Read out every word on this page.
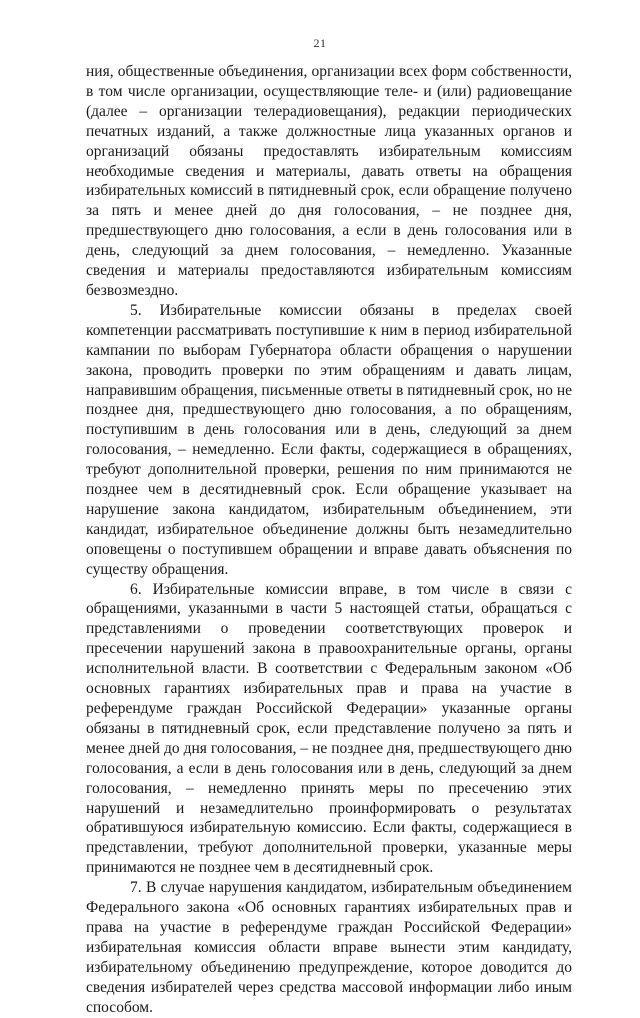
21

ния, общественные объединения, организации всех форм собственности, в том числе организации, осуществляющие теле- и (или) радиовещание (далее – организации телерадиовещания), редакции периодических печатных изданий, а также должностные лица указанных органов и организаций обязаны предоставлять избирательным комиссиям необходимые сведения и материалы, давать ответы на обращения избирательных комиссий в пятидневный срок, если обращение получено за пять и менее дней до дня голосования, – не позднее дня, предшествующего дню голосования, а если в день голосования или в день, следующий за днем голосования, – немедленно. Указанные сведения и материалы предоставляются избирательным комиссиям безвозмездно.

5. Избирательные комиссии обязаны в пределах своей компетенции рассматривать поступившие к ним в период избирательной кампании по выборам Губернатора области обращения о нарушении закона, проводить проверки по этим обращениям и давать лицам, направившим обращения, письменные ответы в пятидневный срок, но не позднее дня, предшествующего дню голосования, а по обращениям, поступившим в день голосования или в день, следующий за днем голосования, – немедленно. Если факты, содержащиеся в обращениях, требуют дополнительной проверки, решения по ним принимаются не позднее чем в десятидневный срок. Если обращение указывает на нарушение закона кандидатом, избирательным объединением, эти кандидат, избирательное объединение должны быть незамедлительно оповещены о поступившем обращении и вправе давать объяснения по существу обращения.

6. Избирательные комиссии вправе, в том числе в связи с обращениями, указанными в части 5 настоящей статьи, обращаться с представлениями о проведении соответствующих проверок и пресечении нарушений закона в правоохранительные органы, органы исполнительной власти. В соответствии с Федеральным законом «Об основных гарантиях избирательных прав и права на участие в референдуме граждан Российской Федерации» указанные органы обязаны в пятидневный срок, если представление получено за пять и менее дней до дня голосования, – не позднее дня, предшествующего дню голосования, а если в день голосования или в день, следующий за днем голосования, – немедленно принять меры по пресечению этих нарушений и незамедлительно проинформировать о результатах обратившуюся избирательную комиссию. Если факты, содержащиеся в представлении, требуют дополнительной проверки, указанные меры принимаются не позднее чем в десятидневный срок.

7. В случае нарушения кандидатом, избирательным объединением Федерального закона «Об основных гарантиях избирательных прав и права на участие в референдуме граждан Российской Федерации» избирательная комиссия области вправе вынести этим кандидату, избирательному объединению предупреждение, которое доводится до сведения избирателей через средства массовой информации либо иным способом.
